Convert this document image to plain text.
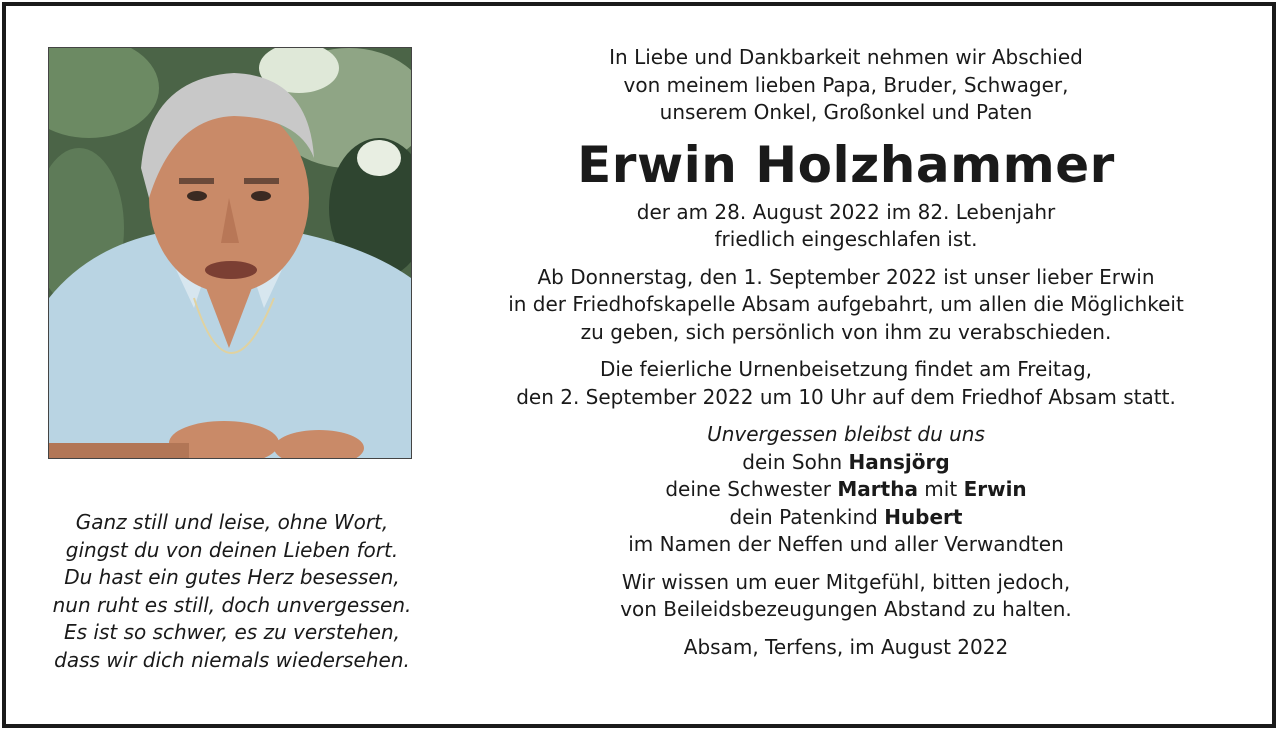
Ganz still und leise, ohne Wort,
gingst du von deinen Lieben fort.
Du hast ein gutes Herz besessen,
nun ruht es still, doch unvergessen.
Es ist so schwer, es zu verstehen,
dass wir dich niemals wiedersehen.
In Liebe und Dankbarkeit nehmen wir Abschied
von meinem lieben Papa, Bruder, Schwager,
unserem Onkel, Großonkel und Paten
Erwin Holzhammer
der am 28. August 2022 im 82. Lebenjahr
friedlich eingeschlafen ist.
Ab Donnerstag, den 1. September 2022 ist unser lieber Erwin
in der Friedhofskapelle Absam aufgebahrt, um allen die Möglichkeit
zu geben, sich persönlich von ihm zu verabschieden.
Die feierliche Urnenbeisetzung findet am Freitag,
den 2. September 2022 um 10 Uhr auf dem Friedhof Absam statt.
Unvergessen bleibst du uns
dein Sohn Hansjörg
deine Schwester Martha mit Erwin
dein Patenkind Hubert
im Namen der Neffen und aller Verwandten
Wir wissen um euer Mitgefühl, bitten jedoch,
von Beileidsbezeugungen Abstand zu halten.
Absam, Terfens, im August 2022
